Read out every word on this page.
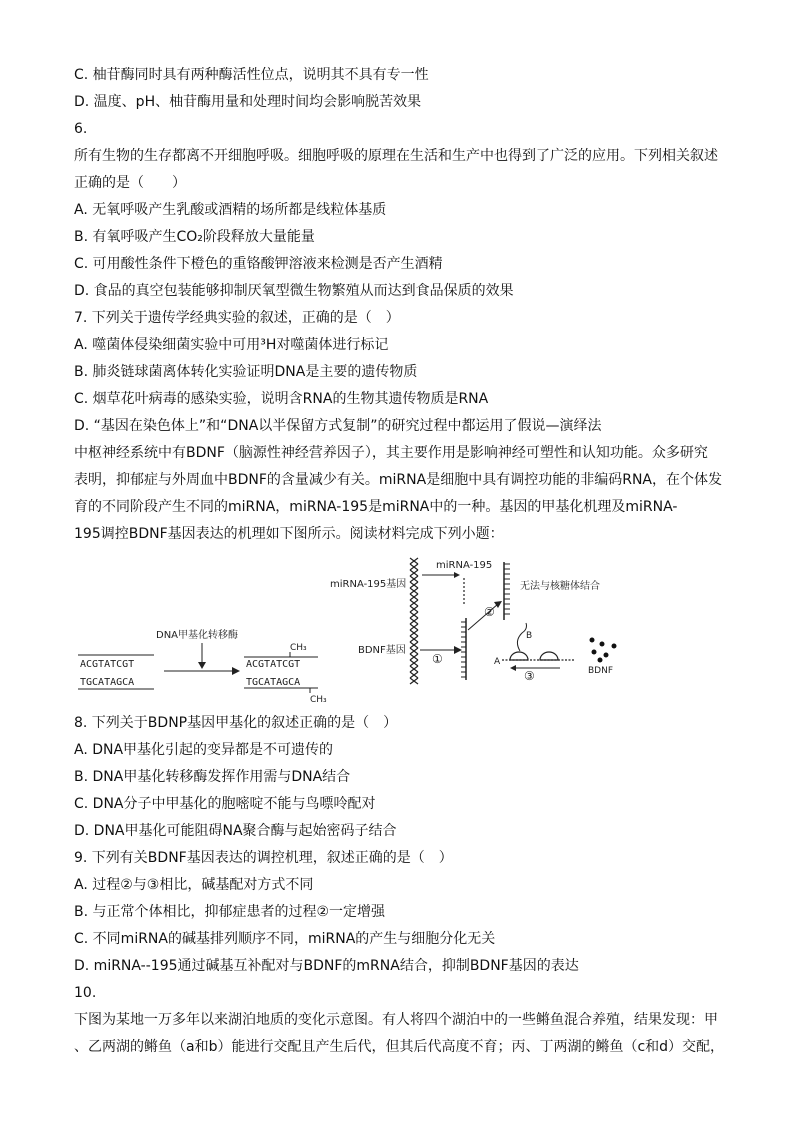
C. 柚苷酶同时具有两种酶活性位点，说明其不具有专一性
D. 温度、pH、柚苷酶用量和处理时间均会影响脱苦效果
6.
所有生物的生存都离不开细胞呼吸。细胞呼吸的原理在生活和生产中也得到了广泛的应用。下列相关叙述
正确的是（　　）
A. 无氧呼吸产生乳酸或酒精的场所都是线粒体基质
B. 有氧呼吸产生CO₂阶段释放大量能量
C. 可用酸性条件下橙色的重铬酸钾溶液来检测是否产生酒精
D. 食品的真空包装能够抑制厌氧型微生物繁殖从而达到食品保质的效果
7. 下列关于遗传学经典实验的叙述，正确的是（　）
A. 噬菌体侵染细菌实验中可用³H对噬菌体进行标记
B. 肺炎链球菌离体转化实验证明DNA是主要的遗传物质
C. 烟草花叶病毒的感染实验，说明含RNA的生物其遗传物质是RNA
D. “基因在染色体上”和“DNA以半保留方式复制”的研究过程中都运用了假说—演绎法
中枢神经系统中有BDNF（脑源性神经营养因子），其主要作用是影响神经可塑性和认知功能。众多研究
表明，抑郁症与外周血中BDNF的含量减少有关。miRNA是细胞中具有调控功能的非编码RNA，在个体发
育的不同阶段产生不同的miRNA，miRNA-195是miRNA中的一种。基因的甲基化机理及miRNA-
195调控BDNF基因表达的机理如下图所示。阅读材料完成下列小题：
DNA甲基化转移酶
ACGTATCGT
TGCATAGCA
CH₃
ACGTATCGT
TGCATAGCA
CH₃
miRNA-195基因
miRNA-195
无法与核糖体结合
②
BDNF基因
①	A
B
③	BDNF
8. 下列关于BDNP基因甲基化的叙述正确的是（　）
A. DNA甲基化引起的变异都是不可遗传的
B. DNA甲基化转移酶发挥作用需与DNA结合
C. DNA分子中甲基化的胞嘧啶不能与鸟嘌呤配对
D. DNA甲基化可能阻碍NA聚合酶与起始密码子结合
9. 下列有关BDNF基因表达的调控机理，叙述正确的是（　）
A. 过程②与③相比，碱基配对方式不同
B. 与正常个体相比，抑郁症患者的过程②一定增强
C. 不同miRNA的碱基排列顺序不同，miRNA的产生与细胞分化无关
D. miRNA--195通过碱基互补配对与BDNF的mRNA结合，抑制BDNF基因的表达
10.
下图为某地一万多年以来湖泊地质的变化示意图。有人将四个湖泊中的一些鳉鱼混合养殖，结果发现：甲
、乙两湖的鳉鱼（a和b）能进行交配且产生后代，但其后代高度不育；丙、丁两湖的鳉鱼（c和d）交配，
